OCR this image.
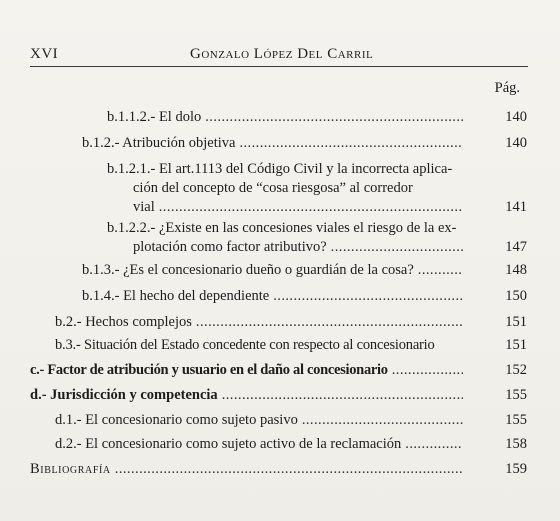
XVI	Gonzalo López Del Carril
Pág.
b.1.1.2.- El dolo . . .	140
b.1.2.- Atribución objetiva . . .	140
b.1.2.1.- El art.1113 del Código Civil y la incorrecta aplica-
ción del concepto de “cosa riesgosa” al corredor
vial . . .	141
b.1.2.2.- ¿Existe en las concesiones viales el riesgo de la ex-
plotación como factor atributivo? . . .	147
b.1.3.- ¿Es el concesionario dueño o guardián de la cosa? . . .	148
b.1.4.- El hecho del dependiente . . .	150
b.2.- Hechos complejos . . .	151
b.3.- Situación del Estado concedente con respecto al concesionario	151
c.- Factor de atribución y usuario en el daño al concesionario . . .	152
d.- Jurisdicción y competencia . . .	155
d.1.- El concesionario como sujeto pasivo . . .	155
d.2.- El concesionario como sujeto activo de la reclamación . . .	158
Bibliografía . . .	159
